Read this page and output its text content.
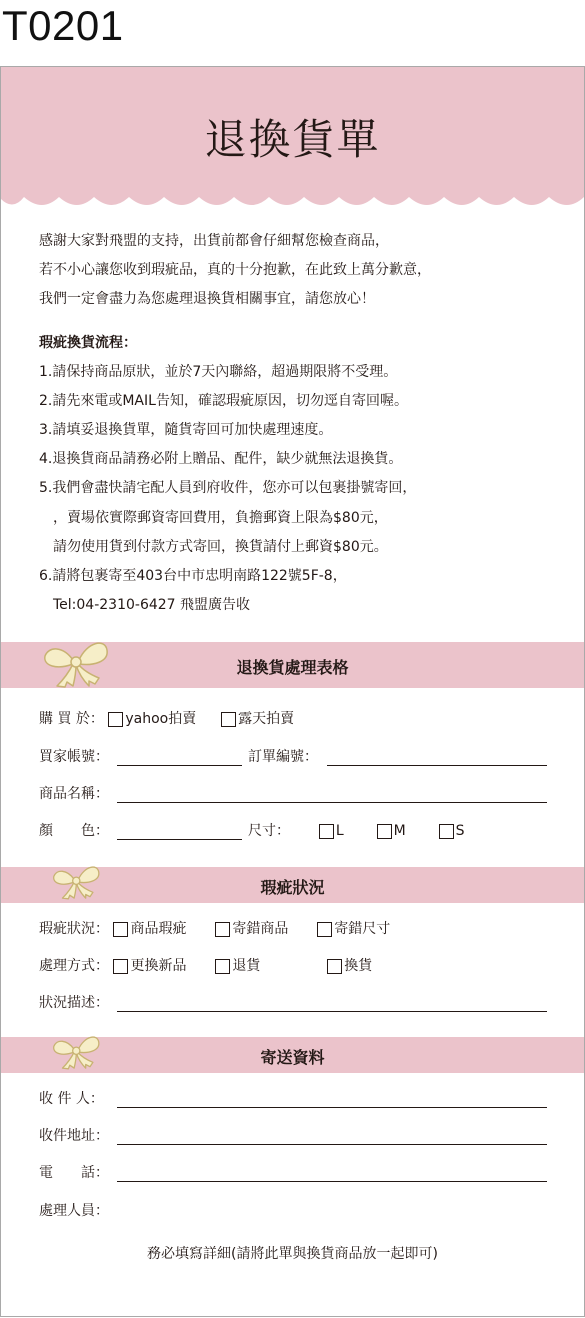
T0201
退換貨單

感謝大家對飛盟的支持，出貨前都會仔細幫您檢查商品，

若不小心讓您收到瑕疵品，真的十分抱歉，在此致上萬分歉意，

我們一定會盡力為您處理退換貨相關事宜，請您放心！

瑕疵換貨流程：

1.請保持商品原狀，並於7天內聯絡，超過期限將不受理。

2.請先來電或MAIL告知，確認瑕疵原因，切勿逕自寄回喔。

3.請填妥退換貨單，隨貨寄回可加快處理速度。

4.退換貨商品請務必附上贈品、配件，缺少就無法退換貨。

5.我們會盡快請宅配人員到府收件，您亦可以包裹掛號寄回，

，賣場依實際郵資寄回費用，負擔郵資上限為$80元，

請勿使用貨到付款方式寄回，換貨請付上郵資$80元。

6.請將包裹寄至403台中市忠明南路122號5F-8，

Tel:04-2310-6427 飛盟廣告收

退換貨處理表格
購 買 於： yahoo拍賣	露天拍賣
買家帳號：	訂單編號：
商品名稱：
顏　　色：	尺寸：	L	M	S
瑕疵狀況
瑕疵狀況： 商品瑕疵	寄錯商品	寄錯尺寸
處理方式： 更換新品	退貨	換貨
狀況描述：
寄送資料
收 件 人：
收件地址：
電　　話：
處理人員：
務必填寫詳細(請將此單與換貨商品放一起即可)
